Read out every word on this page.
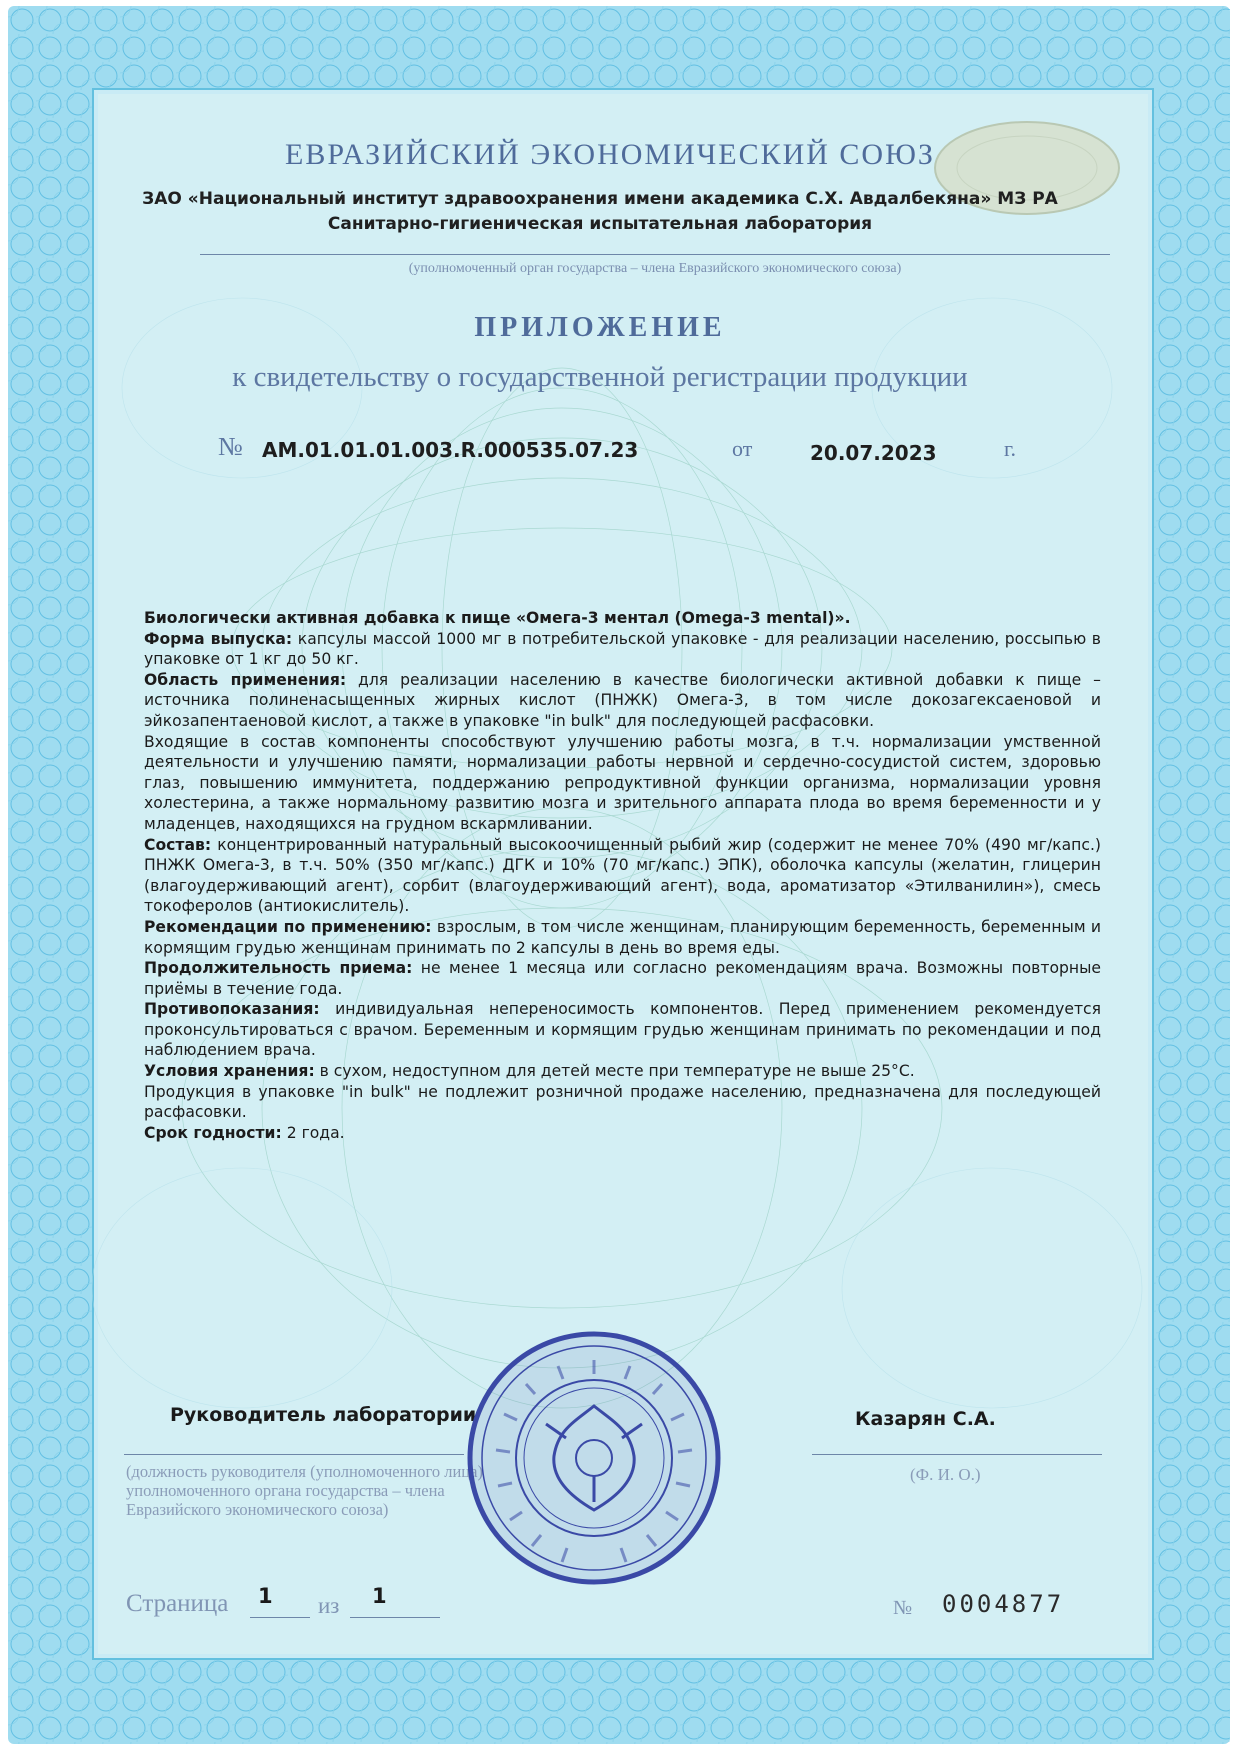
ЕВРАЗИЙСКИЙ ЭКОНОМИЧЕСКИЙ СОЮЗ
ЗАО «Национальный институт здравоохранения имени академика С.Х. Авдалбекяна» МЗ РА
Санитарно-гигиеническая испытательная лаборатория
(уполномоченный орган государства – члена Евразийского экономического союза)
ПРИЛОЖЕНИЕ
к свидетельству о государственной регистрации продукции
№ AM.01.01.01.003.R.000535.07.23	от	20.07.2023	г.

Биологически активная добавка к пище «Омега-3 ментал (Omega-3 mental)».

Форма выпуска: капсулы массой 1000 мг в потребительской упаковке - для реализации населению, россыпью в упаковке от 1 кг до 50 кг.

Область применения: для реализации населению в качестве биологически активной добавки к пище – источника полиненасыщенных жирных кислот (ПНЖК) Омега-3, в том числе докозагексаеновой и эйкозапентаеновой кислот, а также в упаковке "in bulk" для последующей расфасовки.

Входящие в состав компоненты способствуют улучшению работы мозга, в т.ч. нормализации умственной деятельности и улучшению памяти, нормализации работы нервной и сердечно-сосудистой систем, здоровью глаз, повышению иммунитета, поддержанию репродуктивной функции организма, нормализации уровня холестерина, а также нормальному развитию мозга и зрительного аппарата плода во время беременности и у младенцев, находящихся на грудном вскармливании.

Состав: концентрированный натуральный высокоочищенный рыбий жир (содержит не менее 70% (490 мг/капс.) ПНЖК Омега-3, в т.ч. 50% (350 мг/капс.) ДГК и 10% (70 мг/капс.) ЭПК), оболочка капсулы (желатин, глицерин (влагоудерживающий агент), сорбит (влагоудерживающий агент), вода, ароматизатор «Этилванилин»), смесь токоферолов (антиокислитель).

Рекомендации по применению: взрослым, в том числе женщинам, планирующим беременность, беременным и кормящим грудью женщинам принимать по 2 капсулы в день во время еды.

Продолжительность приема: не менее 1 месяца или согласно рекомендациям врача. Возможны повторные приёмы в течение года.

Противопоказания: индивидуальная непереносимость компонентов. Перед применением рекомендуется проконсультироваться с врачом. Беременным и кормящим грудью женщинам принимать по рекомендации и под наблюдением врача.

Условия хранения: в сухом, недоступном для детей месте при температуре не выше 25°C.

Продукция в упаковке "in bulk" не подлежит розничной продаже населению, предназначена для последующей расфасовки.

Срок годности: 2 года.

Руководитель лаборатории
(должность руководителя (уполномоченного лица) уполномоченного органа государства – члена Евразийского экономического союза)
Казарян С.А.
(Ф. И. О.)
Страница 1 из 1	№ 0004877
